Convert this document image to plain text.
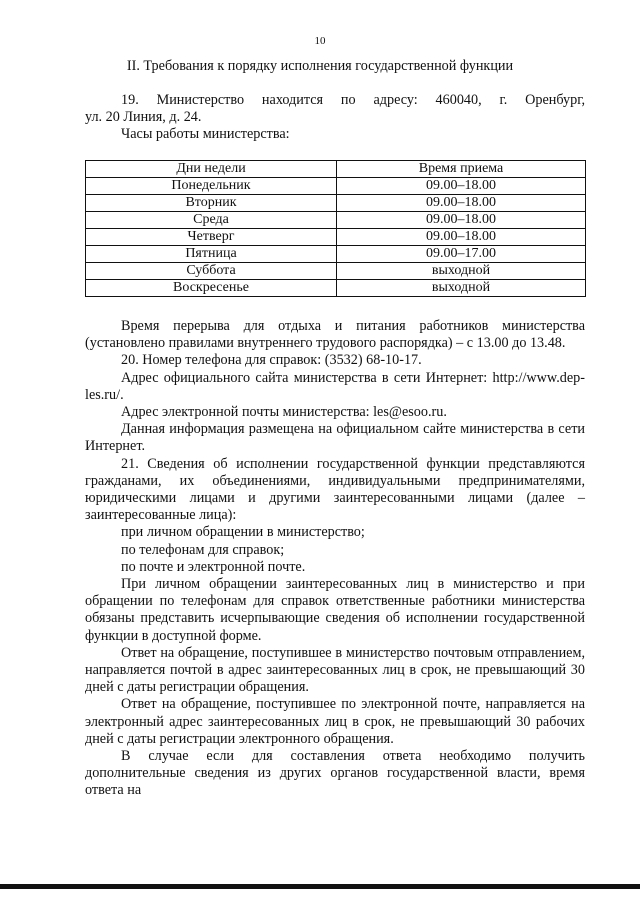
10
II. Требования к порядку исполнения государственной функции

19. Министерство находится по адресу: 460040, г. Оренбург,

ул. 20 Линия, д. 24.

Часы работы министерства:

Дни недели	Время приема
Понедельник	09.00–18.00
Вторник	09.00–18.00
Среда	09.00–18.00
Четверг	09.00–18.00
Пятница	09.00–17.00
Суббота	выходной
Воскресенье	выходной

Время перерыва для отдыха и питания работников министерства (установлено правилами внутреннего трудового распорядка) – с 13.00 до 13.48.

20. Номер телефона для справок: (3532) 68-10-17.

Адрес официального сайта министерства в сети Интернет: http://www.dep-les.ru/.

Адрес электронной почты министерства: les@esoo.ru.

Данная информация размещена на официальном сайте министерства в сети Интернет.

21. Сведения об исполнении государственной функции представляются гражданами, их объединениями, индивидуальными предпринимателями, юридическими лицами и другими заинтересованными лицами (далее – заинтересованные лица):

при личном обращении в министерство;

по телефонам для справок;

по почте и электронной почте.

При личном обращении заинтересованных лиц в министерство и при обращении по телефонам для справок ответственные работники министерства обязаны представить исчерпывающие сведения об исполнении государственной функции в доступной форме.

Ответ на обращение, поступившее в министерство почтовым отправлением, направляется почтой в адрес заинтересованных лиц в срок, не превышающий 30 дней с даты регистрации обращения.

Ответ на обращение, поступившее по электронной почте, направляется на электронный адрес заинтересованных лиц в срок, не превышающий 30 рабочих дней с даты регистрации электронного обращения.

В случае если для составления ответа необходимо получить дополнительные сведения из других органов государственной власти, время ответа на
